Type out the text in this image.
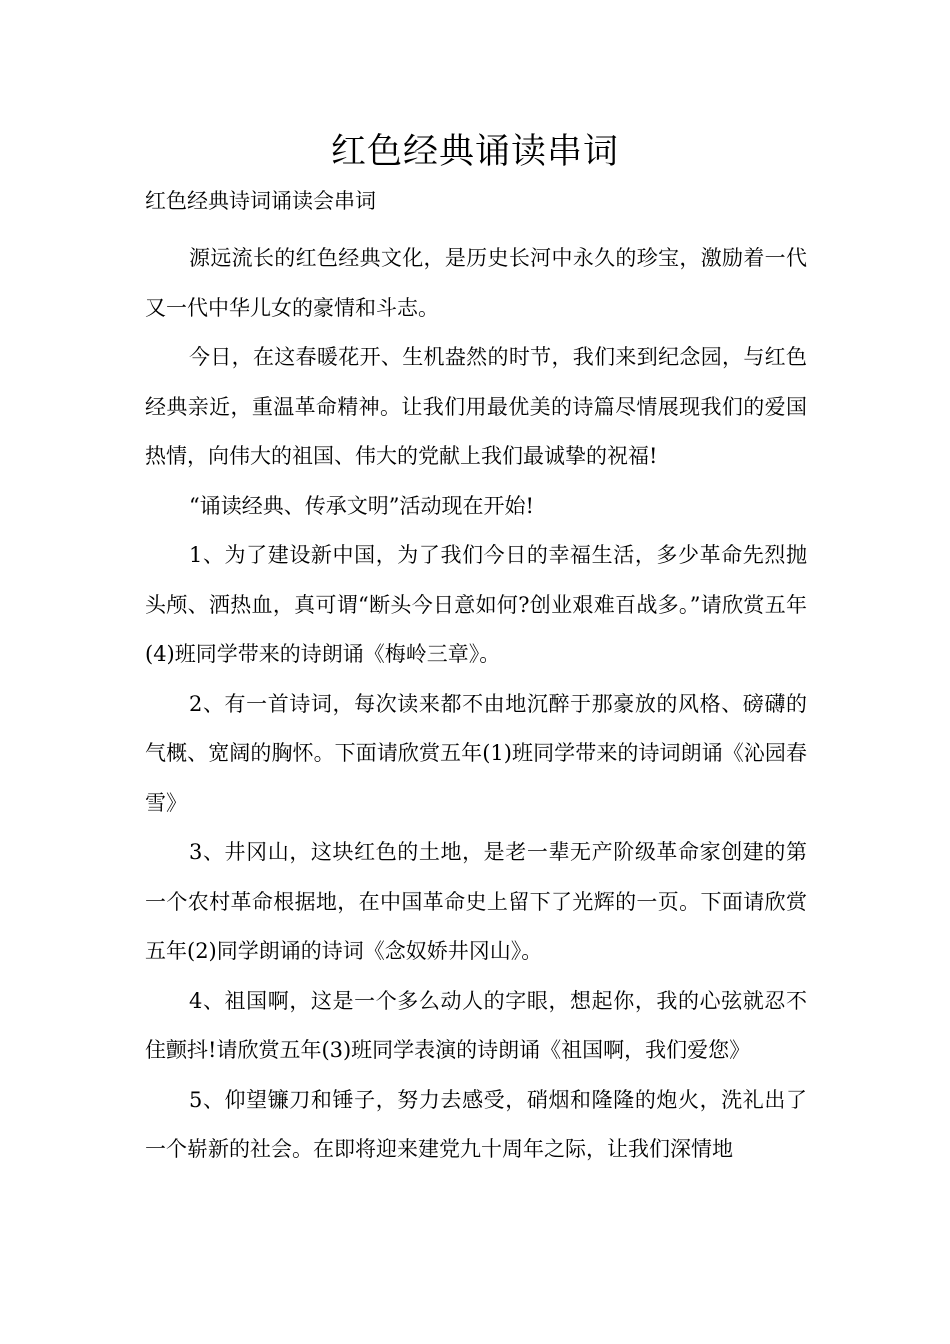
红色经典诵读串词
红色经典诗词诵读会串词

源远流长的红色经典文化，是历史长河中永久的珍宝，激励着一代又一代中华儿女的豪情和斗志。

今日，在这春暖花开、生机盎然的时节，我们来到纪念园，与红色经典亲近，重温革命精神。让我们用最优美的诗篇尽情展现我们的爱国热情，向伟大的祖国、伟大的党献上我们最诚挚的祝福!

“诵读经典、传承文明”活动现在开始!

1、为了建设新中国，为了我们今日的幸福生活，多少革命先烈抛头颅、洒热血，真可谓“断头今日意如何?创业艰难百战多。”请欣赏五年(4)班同学带来的诗朗诵《梅岭三章》。

2、有一首诗词，每次读来都不由地沉醉于那豪放的风格、磅礴的气概、宽阔的胸怀。下面请欣赏五年(1)班同学带来的诗词朗诵《沁园春雪》

3、井冈山，这块红色的土地，是老一辈无产阶级革命家创建的第一个农村革命根据地，在中国革命史上留下了光辉的一页。下面请欣赏五年(2)同学朗诵的诗词《念奴娇井冈山》。

4、祖国啊，这是一个多么动人的字眼，想起你，我的心弦就忍不住颤抖!请欣赏五年(3)班同学表演的诗朗诵《祖国啊，我们爱您》

5、仰望镰刀和锤子，努力去感受，硝烟和隆隆的炮火，洗礼出了一个崭新的社会。在即将迎来建党九十周年之际，让我们深情地
